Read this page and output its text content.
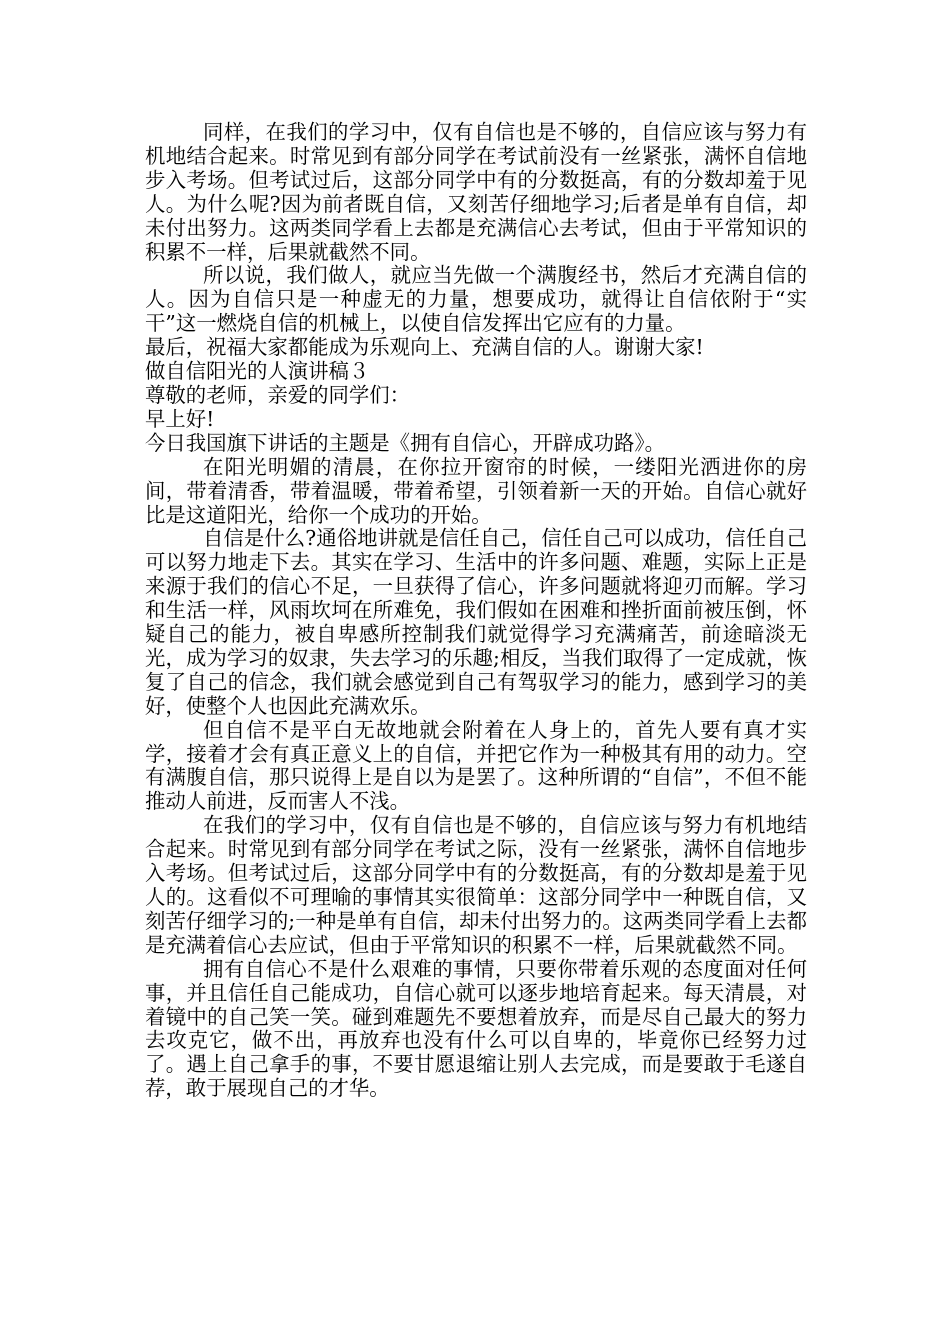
同样，在我们的学习中，仅有自信也是不够的，自信应该与努力有机地结合起来。时常见到有部分同学在考试前没有一丝紧张，满怀自信地步入考场。但考试过后，这部分同学中有的分数挺高，有的分数却羞于见人。为什么呢?因为前者既自信，又刻苦仔细地学习;后者是单有自信，却未付出努力。这两类同学看上去都是充满信心去考试，但由于平常知识的积累不一样，后果就截然不同。

所以说，我们做人，就应当先做一个满腹经书，然后才充满自信的人。因为自信只是一种虚无的力量，想要成功，就得让自信依附于“实干”这一燃烧自信的机械上，以使自信发挥出它应有的力量。

最后，祝福大家都能成为乐观向上、充满自信的人。谢谢大家!

做自信阳光的人演讲稿３

尊敬的老师，亲爱的同学们：

早上好!

今日我国旗下讲话的主题是《拥有自信心，开辟成功路》。

在阳光明媚的清晨，在你拉开窗帘的时候，一缕阳光洒进你的房间，带着清香，带着温暖，带着希望，引领着新一天的开始。自信心就好比是这道阳光，给你一个成功的开始。

自信是什么?通俗地讲就是信任自己，信任自己可以成功，信任自己可以努力地走下去。其实在学习、生活中的许多问题、难题，实际上正是来源于我们的信心不足，一旦获得了信心，许多问题就将迎刃而解。学习和生活一样，风雨坎坷在所难免，我们假如在困难和挫折面前被压倒，怀疑自己的能力，被自卑感所控制我们就觉得学习充满痛苦，前途暗淡无光，成为学习的奴隶，失去学习的乐趣;相反，当我们取得了一定成就，恢复了自己的信念，我们就会感觉到自己有驾驭学习的能力，感到学习的美好，使整个人也因此充满欢乐。

但自信不是平白无故地就会附着在人身上的，首先人要有真才实学，接着才会有真正意义上的自信，并把它作为一种极其有用的动力。空有满腹自信，那只说得上是自以为是罢了。这种所谓的“自信”，不但不能推动人前进，反而害人不浅。

在我们的学习中，仅有自信也是不够的，自信应该与努力有机地结合起来。时常见到有部分同学在考试之际，没有一丝紧张，满怀自信地步入考场。但考试过后，这部分同学中有的分数挺高，有的分数却是羞于见人的。这看似不可理喻的事情其实很简单：这部分同学中一种既自信，又刻苦仔细学习的;一种是单有自信，却未付出努力的。这两类同学看上去都是充满着信心去应试，但由于平常知识的积累不一样，后果就截然不同。

拥有自信心不是什么艰难的事情，只要你带着乐观的态度面对任何事，并且信任自己能成功，自信心就可以逐步地培育起来。每天清晨，对着镜中的自己笑一笑。碰到难题先不要想着放弃，而是尽自己最大的努力去攻克它，做不出，再放弃也没有什么可以自卑的，毕竟你已经努力过了。遇上自己拿手的事，不要甘愿退缩让别人去完成，而是要敢于毛遂自荐，敢于展现自己的才华。
